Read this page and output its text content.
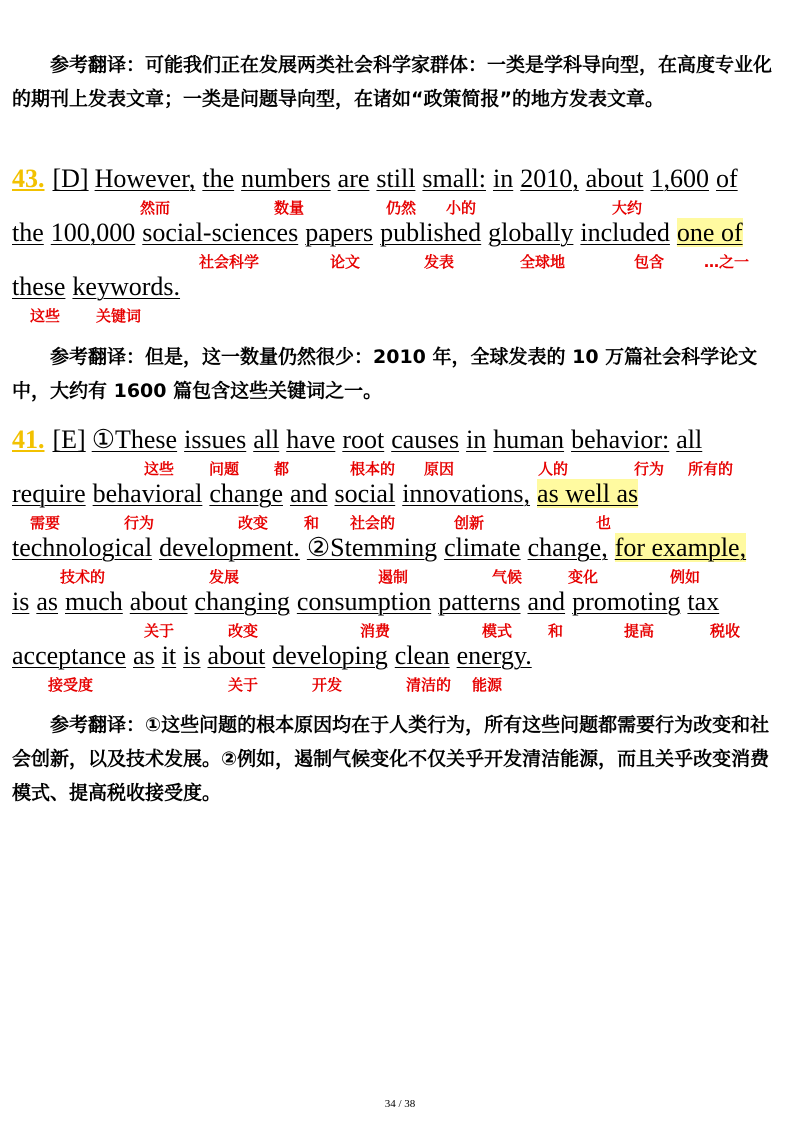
参考翻译：可能我们正在发展两类社会科学家群体：一类是学科导向型，在高度专业化的期刊上发表文章；一类是问题导向型，在诸如“政策简报”的地方发表文章。
43. [D] However, the numbers are still small: in 2010, about 1,600 of
然而	数量	仍然 小的	大约
the 100,000 social-sciences papers published globally included one of
社会科学	论文	发表	全球地	包含	…之一
these keywords.
这些 关键词
参考翻译：但是，这一数量仍然很少：2010 年，全球发表的 10 万篇社会科学论文中，大约有 1600 篇包含这些关键词之一。
41. [E] ①These issues all have root causes in human behavior: all
这些 问题 都	根本的 原因	人的	行为 所有的
require behavioral change and social innovations, as well as
需要	行为	改变 和 社会的	创新	也
technological development. ②Stemming climate change, for example,
技术的	发展	遏制	气候	变化	例如
is as much about changing consumption patterns and promoting tax
关于	改变	消费	模式 和	提高	税收
acceptance as it is about developing clean energy.
接受度	关于	开发	清洁的 能源
参考翻译：①这些问题的根本原因均在于人类行为，所有这些问题都需要行为改变和社会创新，以及技术发展。②例如，遏制气候变化不仅关乎开发清洁能源，而且关乎改变消费模式、提高税收接受度。
34 / 38
